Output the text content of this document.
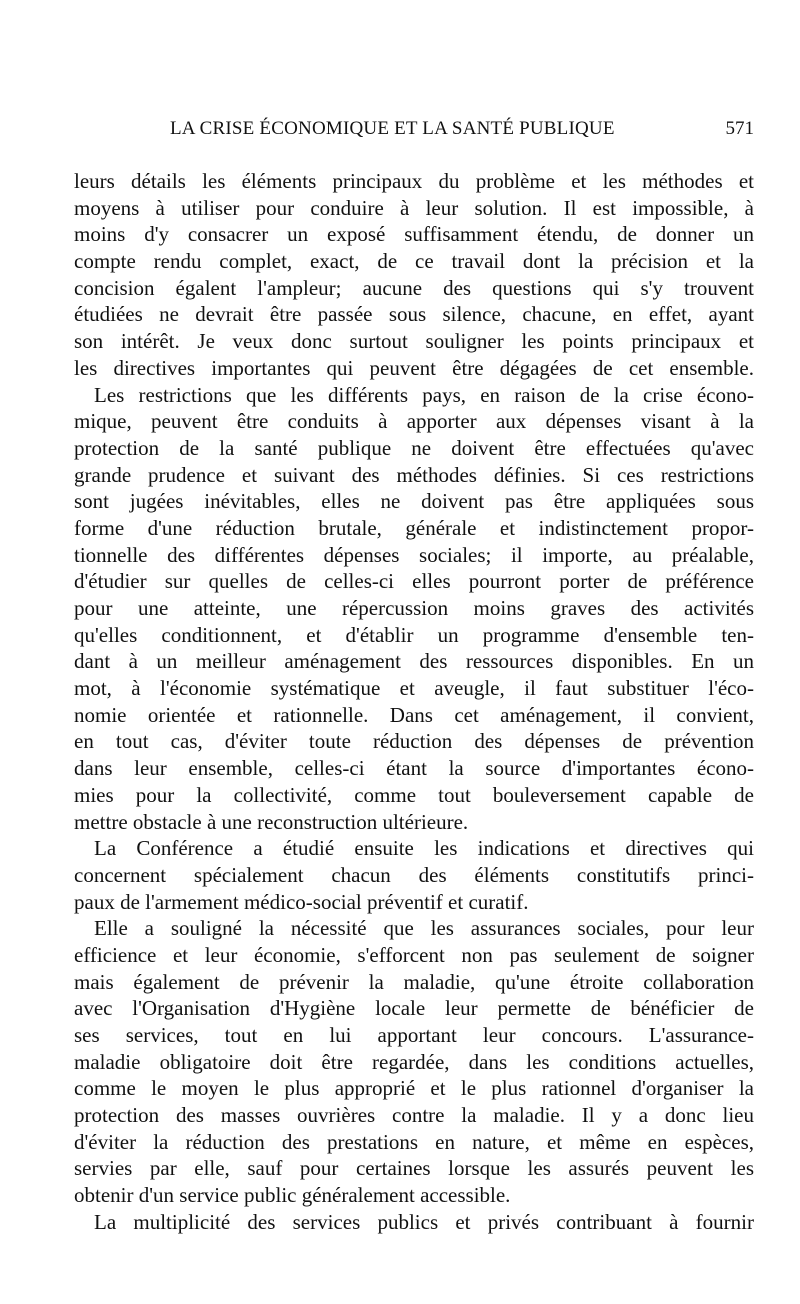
LA CRISE ÉCONOMIQUE ET LA SANTÉ PUBLIQUE	571
leurs détails les éléments principaux du problème et les méthodes et
moyens à utiliser pour conduire à leur solution. Il est impossible, à
moins d'y consacrer un exposé suffisamment étendu, de donner un
compte rendu complet, exact, de ce travail dont la précision et la
concision égalent l'ampleur; aucune des questions qui s'y trouvent
étudiées ne devrait être passée sous silence, chacune, en effet, ayant
son intérêt. Je veux donc surtout souligner les points principaux et
les directives importantes qui peuvent être dégagées de cet ensemble.
Les restrictions que les différents pays, en raison de la crise écono-
mique, peuvent être conduits à apporter aux dépenses visant à la
protection de la santé publique ne doivent être effectuées qu'avec
grande prudence et suivant des méthodes définies. Si ces restrictions
sont jugées inévitables, elles ne doivent pas être appliquées sous
forme d'une réduction brutale, générale et indistinctement propor-
tionnelle des différentes dépenses sociales; il importe, au préalable,
d'étudier sur quelles de celles-ci elles pourront porter de préférence
pour une atteinte, une répercussion moins graves des activités
qu'elles conditionnent, et d'établir un programme d'ensemble ten-
dant à un meilleur aménagement des ressources disponibles. En un
mot, à l'économie systématique et aveugle, il faut substituer l'éco-
nomie orientée et rationnelle. Dans cet aménagement, il convient,
en tout cas, d'éviter toute réduction des dépenses de prévention
dans leur ensemble, celles-ci étant la source d'importantes écono-
mies pour la collectivité, comme tout bouleversement capable de
mettre obstacle à une reconstruction ultérieure.
La Conférence a étudié ensuite les indications et directives qui
concernent spécialement chacun des éléments constitutifs princi-
paux de l'armement médico-social préventif et curatif.
Elle a souligné la nécessité que les assurances sociales, pour leur
efficience et leur économie, s'efforcent non pas seulement de soigner
mais également de prévenir la maladie, qu'une étroite collaboration
avec l'Organisation d'Hygiène locale leur permette de bénéficier de
ses services, tout en lui apportant leur concours. L'assurance-
maladie obligatoire doit être regardée, dans les conditions actuelles,
comme le moyen le plus approprié et le plus rationnel d'organiser la
protection des masses ouvrières contre la maladie. Il y a donc lieu
d'éviter la réduction des prestations en nature, et même en espèces,
servies par elle, sauf pour certaines lorsque les assurés peuvent les
obtenir d'un service public généralement accessible.
La multiplicité des services publics et privés contribuant à fournir
